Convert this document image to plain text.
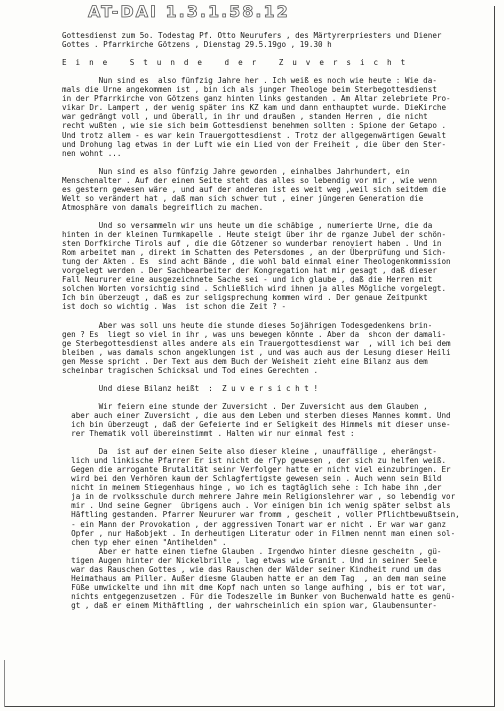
AT-DAI 1.3.1.58.12
Gottesdienst zum 5o. Todestag Pf. Otto Neurufers , des Märtyrerpriesters und Diener
Gottes . Pfarrkirche Götzens , Dienstag 29.5.19go , 19.30 h
E i n e   S t u n d e   d e r   Z u v e r s i c h t
Nun sind es  also fünfzig Jahre her . Ich weiß es noch wie heute : Wie da-
mals die Urne angekommen ist , bin ich als junger Theologe beim Sterbegottesdienst
in der Pfarrkirche von Götzens ganz hinten links gestanden . Am Altar zelebriete Pro-
vikar Dr. Lampert , der wenig später ins KZ kam und dann enthauptet wurde. DieKirche
war gedrängt voll , und überall, in ihr und draußen , standen Herren , die nicht
recht wußten , wie sie sich beim Gottesdienst benehmen sollten : Spione der Getapo .
Und trotz allem - es war kein Trauergottesdienst . Trotz der allgegenwärtigen Gewalt
und Drohung lag etwas in der Luft wie ein Lied von der Freiheit , die über den Ster-
nen wohnt ...
Nun sind es also fünfzig Jahre geworden , einhalbes Jahrhundert, ein
Menschenalter . Auf der einen Seite steht das alles so lebendig vor mir , wie wenn
es gestern gewesen wäre , und auf der anderen ist es weit weg ,weil sich seitdem die
Welt so verändert hat , daß man sich schwer tut , einer jüngeren Generation die
Atmosphäre von damals begreiflich zu machen.
Und so versammeln wir uns heute um die schäbige , numerierte Urne, die da
hinten in der kleinen Turmkapelle . Heute steigt über ihr de rganze Jubel der schön-
sten Dorfkirche Tirols auf , die die Götzener so wunderbar renoviert haben . Und in
Rom arbeitet man , direkt im Schatten des Petersdomes , an der Überprüfung und Sich-
tung der Akten . Es  sind acht Bände , die wohl bald einmal einer Theologenkommission
vorgelegt werden . Der Sachbearbeiter der Kongregation hat mir gesagt , daß dieser
Fall Neururer eine ausgezeichnete Sache sei - und ich glaube , daß die Herren mit
solchen Worten vorsichtig sind . Schließlich wird ihnen ja alles Mögliche vorgelegt.
Ich bin überzeugt , daß es zur seligsprechung kommen wird . Der genaue Zeitpunkt
ist doch so wichtig . Was  ist schon die Zeit ? -
Aber was soll uns heute die stunde dieses 5ojährigen Todesgedenkens brin-
gen ? Es  liegt so viel in ihr , was uns bewegen könnte . Aber da  shcon der damali-
ge Sterbegottesdienst alles andere als ein Trauergottesdienst war  , will ich bei dem
bleiben , was damals schon angeklungen ist , und was auch aus der Lesung dieser Heili
gen Messe spricht . Der Text aus dem Buch der Weisheit zieht eine Bilanz aus dem
scheinbar tragischen Schicksal und Tod eines Gerechten .
Und diese Bilanz heißt  :  Z u v e r s i c h t !
Wir feiern eine stunde der Zuversicht . Der Zuversicht aus dem Glauben ,
aber auch einer Zuversicht , die aus dem Leben und sterben dieses Mannes kommt. Und
ich bin überzeugt , daß der Gefeierte ind er Seligkeit des Himmels mit dieser unse-
rer Thematik voll übereinstimmt . Halten wir nur einmal fest :
Da  ist auf der einen Seite also dieser kleine , unauffällige , eherängst-
lich und linkische Pfarrer Er ist nicht de rTyp gewesen , der sich zu helfen weiß.
Gegen die arrogante Brutalität seinr Verfolger hatte er nicht viel einzubringen. Er
wird bei den Verhören kaum der Schlagfertigste gewesen sein . Auch wenn sein Bild
nicht in meinem Stiegenhaus hinge , wo ich es tagtäglich sehe : Ich habe ihn ,der
ja in de rvolksschule durch mehrere Jahre mein Religionslehrer war , so lebendig vor
mir . Und seine Gegner  übrigens auch . Vor einigen bin ich wenig später selbst als
Häftling gestanden. Pfarrer Neururer war fromm , gescheit , voller Pflichtbewußtsein,
- ein Mann der Provokation , der aggressiven Tonart war er nicht . Er war war ganz
Opfer , nur Haßobjekt . In derheutigen Literatur oder in Filmen nennt man einen sol-
chen typ eher einen "Antihelden" .
Aber er hatte einen tiefne Glauben . Irgendwo hinter diesne gescheitn , gü-
tigen Augen hinter der Nickelbrille , lag etwas wie Granit . Und in seiner Seele
war das Rauschen Gottes , wie das Rauschen der Wälder seiner Kindheit rund um das
Heimathaus am Piller. Außer diesme Glauben hatte er an dem Tag  , an dem man seine
Füße umwickelte und ihn mit dme Kopf nach unten so lange aufhing , bis er tot war,
nichts entgegenzusetzen . Für die Todeszelle im Bunker von Buchenwald hatte es genü-
gt , daß er einem Mithäftling , der wahrscheinlich ein spion war, Glaubensunter-
